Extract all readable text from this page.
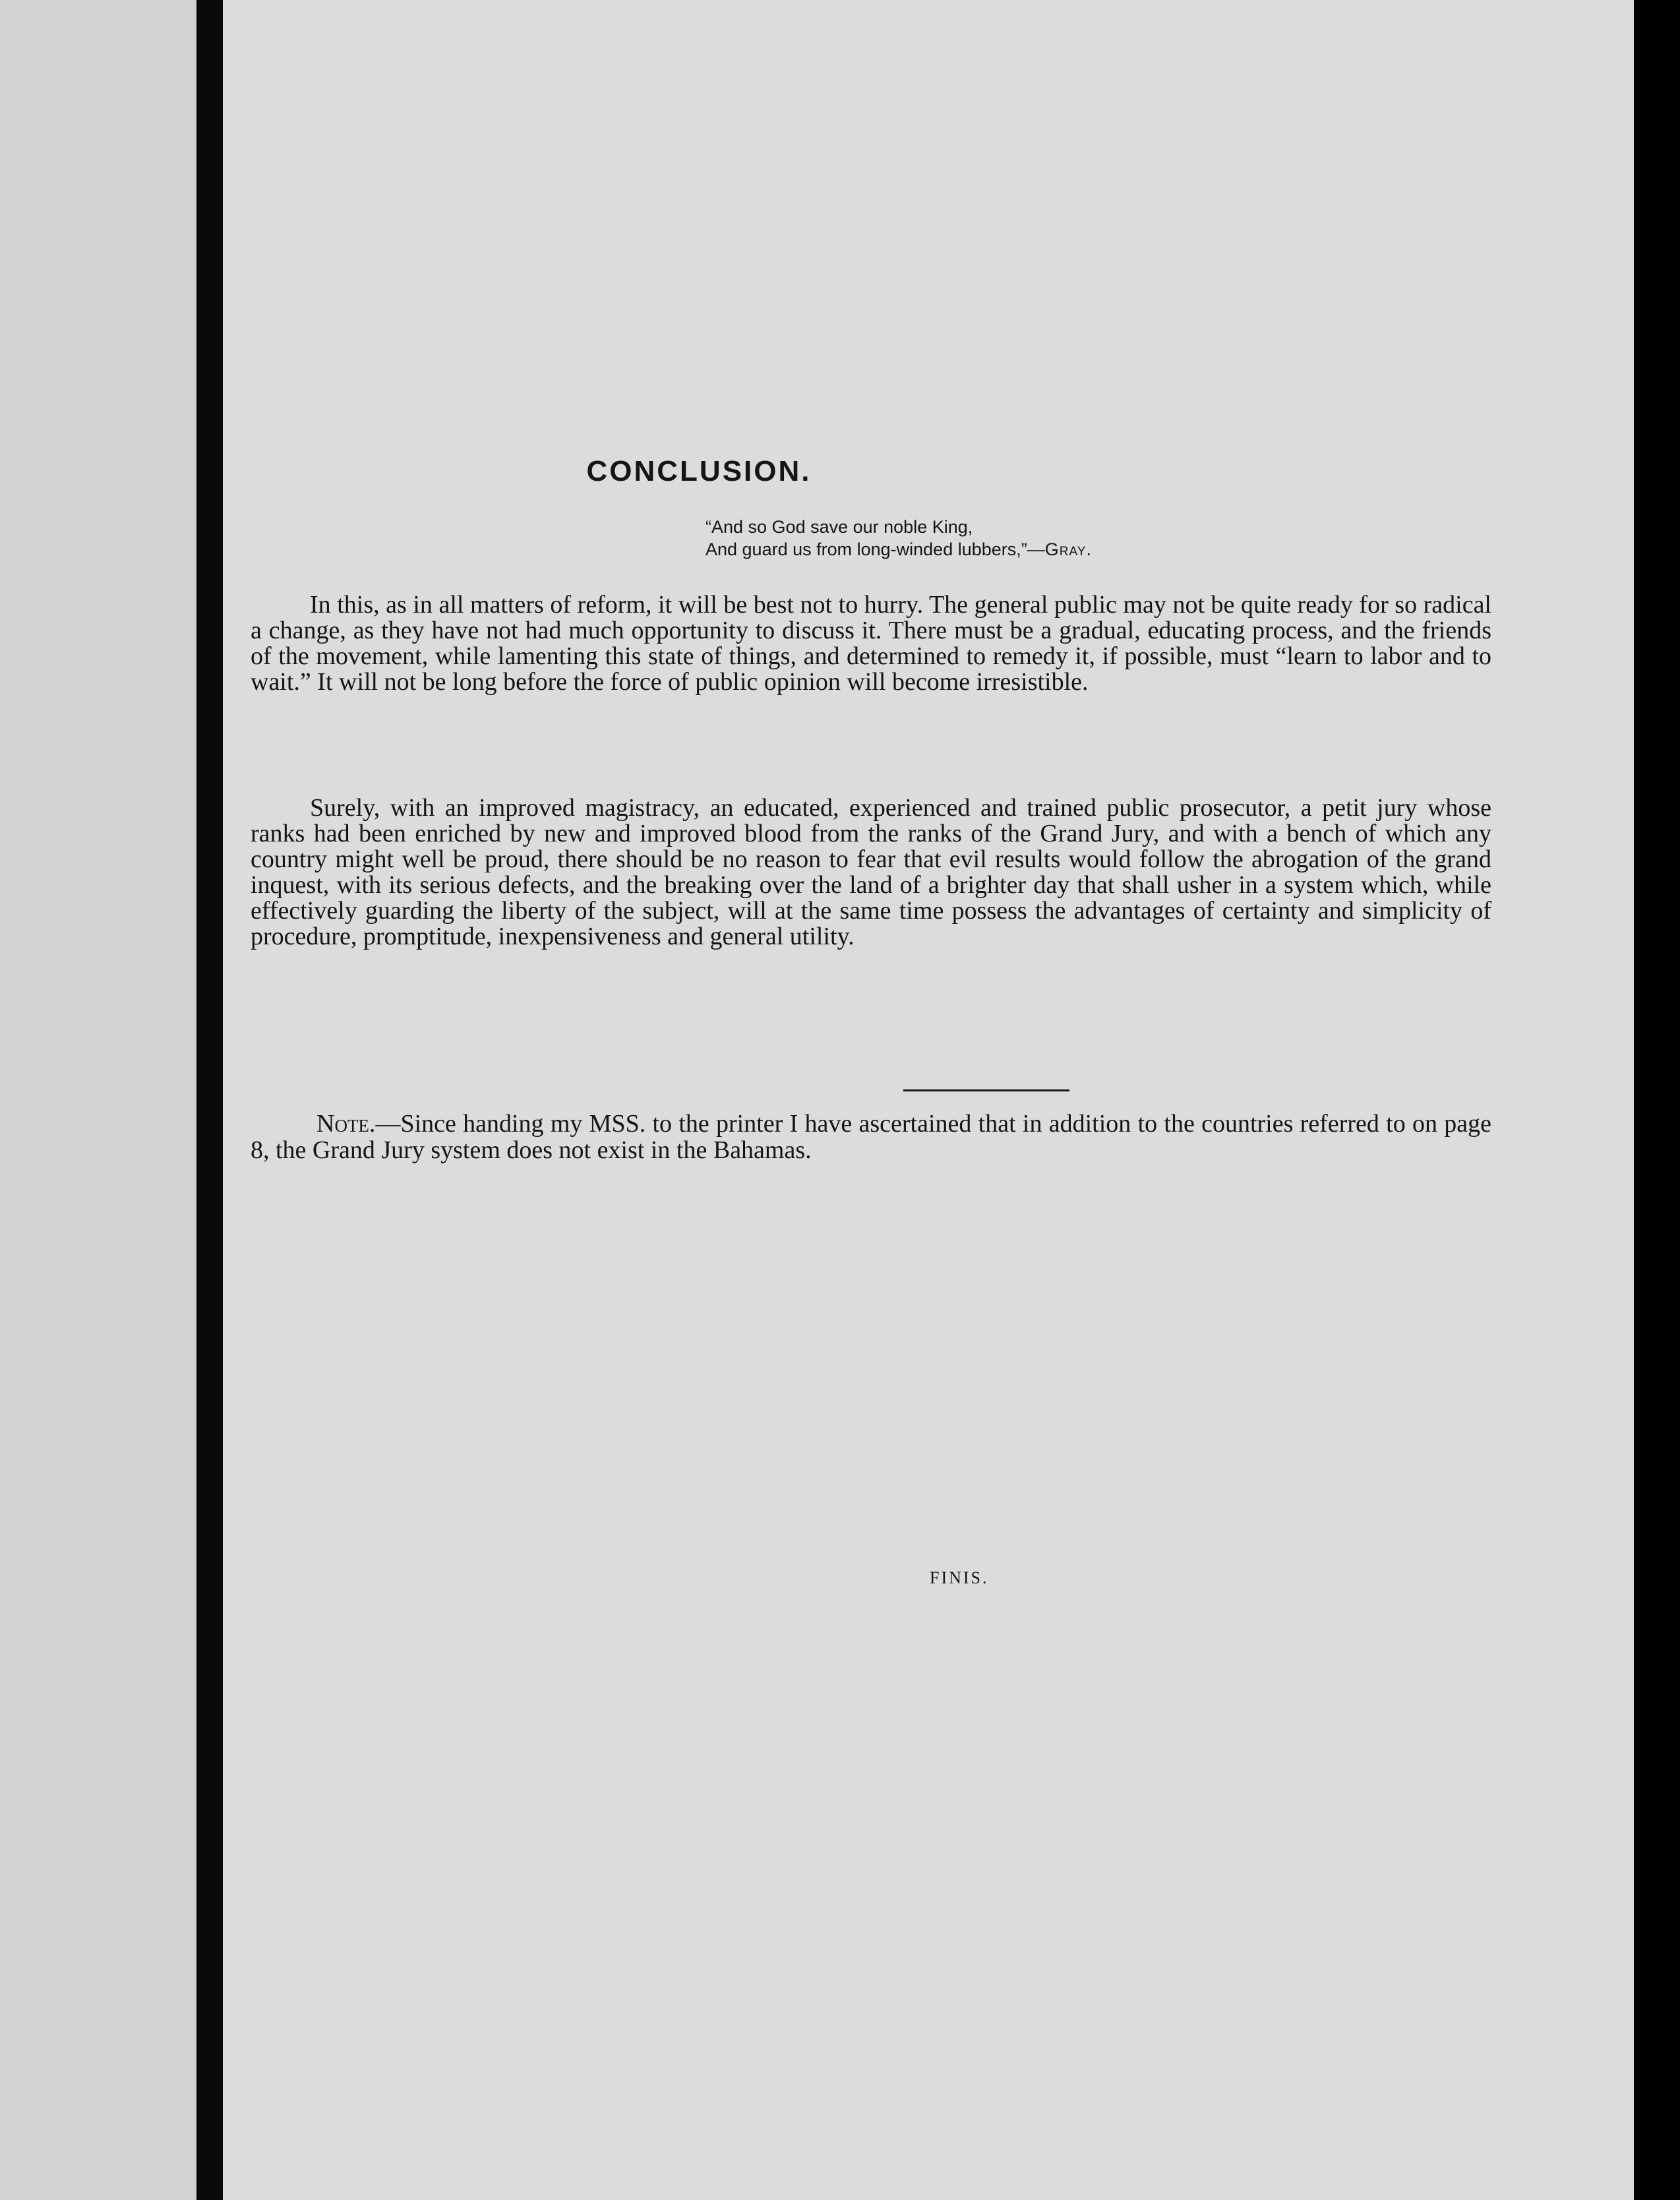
CONCLUSION.
“And so God save our noble King,
And guard us from long-winded lubbers,”—Gray.

In this, as in all matters of reform, it will be best not to hurry. The general public may not be quite ready for so radical a change, as they have not had much opportunity to discuss it. There must be a gradual, educating process, and the friends of the movement, while lamenting this state of things, and determined to remedy it, if possible, must “learn to labor and to wait.” It will not be long before the force of public opinion will become irresistible.

Surely, with an improved magistracy, an educated, experienced and trained public prosecutor, a petit jury whose ranks had been enriched by new and improved blood from the ranks of the Grand Jury, and with a bench of which any country might well be proud, there should be no reason to fear that evil results would follow the abrogation of the grand inquest, with its serious defects, and the breaking over the land of a brighter day that shall usher in a system which, while effectively guarding the liberty of the subject, will at the same time possess the advantages of certainty and simplicity of procedure, promptitude, inexpensiveness and general utility.

Note.—Since handing my MSS. to the printer I have ascertained that in addition to the countries referred to on page 8, the Grand Jury system does not exist in the Bahamas.

FINIS.
